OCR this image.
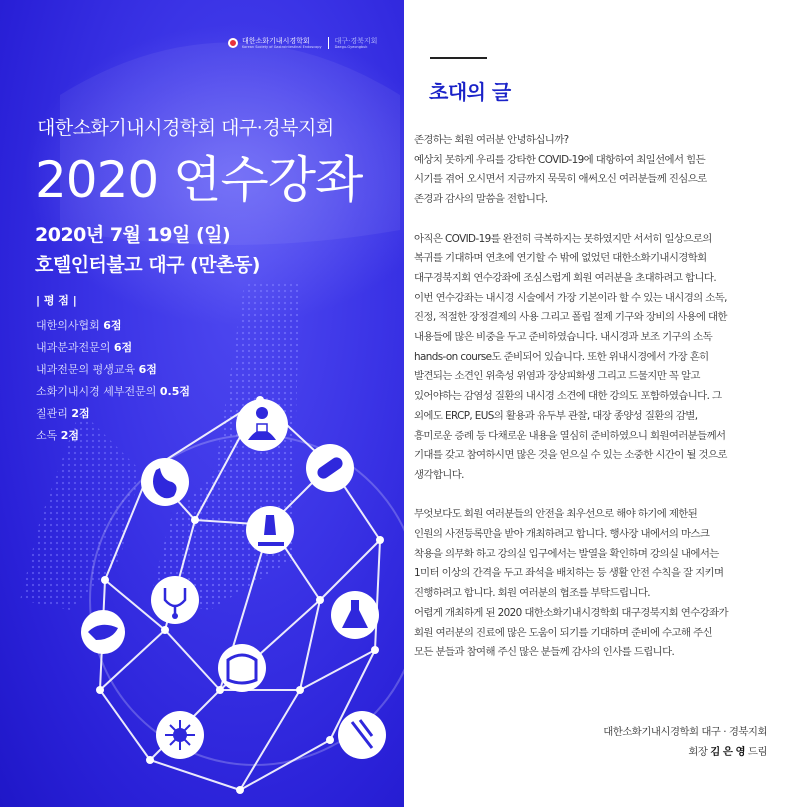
대한소화기내시경학회
Korean Society of Gastrointestinal Endoscopy
대구·경북지회
Daegu-Gyeongbuk
대한소화기내시경학회 대구·경북지회
2020 연수강좌
2020년 7월 19일 (일)
호텔인터불고 대구 (만촌동)
| 평 점 |
대한의사협회 6점
내과분과전문의 6점
내과전문의 평생교육 6점
소화기내시경 세부전문의 0.5점
질관리 2점
소독 2점
초대의 글

존경하는 회원 여러분 안녕하십니까?
예상치 못하게 우리를 강타한 COVID-19에 대항하여 최일선에서 힘든
시기를 겪어 오시면서 지금까지 묵묵히 애써오신 여러분들께 진심으로
존경과 감사의 말씀을 전합니다.

아직은 COVID-19를 완전히 극복하지는 못하였지만 서서히 일상으로의
복귀를 기대하며 연초에 연기할 수 밖에 없었던 대한소화기내시경학회
대구경북지회 연수강좌에 조심스럽게 회원 여러분을 초대하려고 합니다.
이번 연수강좌는 내시경 시술에서 가장 기본이라 할 수 있는 내시경의 소독,
진정, 적절한 장정결제의 사용 그리고 폴립 절제 기구와 장비의 사용에 대한
내용들에 많은 비중을 두고 준비하였습니다. 내시경과 보조 기구의 소독
hands-on course도 준비되어 있습니다. 또한 위내시경에서 가장 흔히
발견되는 소견인 위축성 위염과 장상피화생 그리고 드물지만 꼭 알고
있어야하는 감염성 질환의 내시경 소견에 대한 강의도 포함하였습니다. 그
외에도 ERCP, EUS의 활용과 유두부 관찰, 대장 종양성 질환의 감별,
흥미로운 증례 등 다채로운 내용을 열심히 준비하였으니 회원여러분들께서
기대를 갖고 참여하시면 많은 것을 얻으실 수 있는 소중한 시간이 될 것으로
생각합니다.

무엇보다도 회원 여러분들의 안전을 최우선으로 해야 하기에 제한된
인원의 사전등록만을 받아 개최하려고 합니다. 행사장 내에서의 마스크
착용을 의무화 하고 강의실 입구에서는 발열을 확인하며 강의실 내에서는
1미터 이상의 간격을 두고 좌석을 배치하는 등 생활 안전 수칙을 잘 지키며
진행하려고 합니다. 회원 여러분의 협조를 부탁드립니다.
어렵게 개최하게 된 2020 대한소화기내시경학회 대구경북지회 연수강좌가
회원 여러분의 진료에 많은 도움이 되기를 기대하며 준비에 수고해 주신
모든 분들과 참여해 주신 많은 분들께 감사의 인사를 드립니다.

대한소화기내시경학회 대구 · 경북지회
회장 김 은 영 드림
